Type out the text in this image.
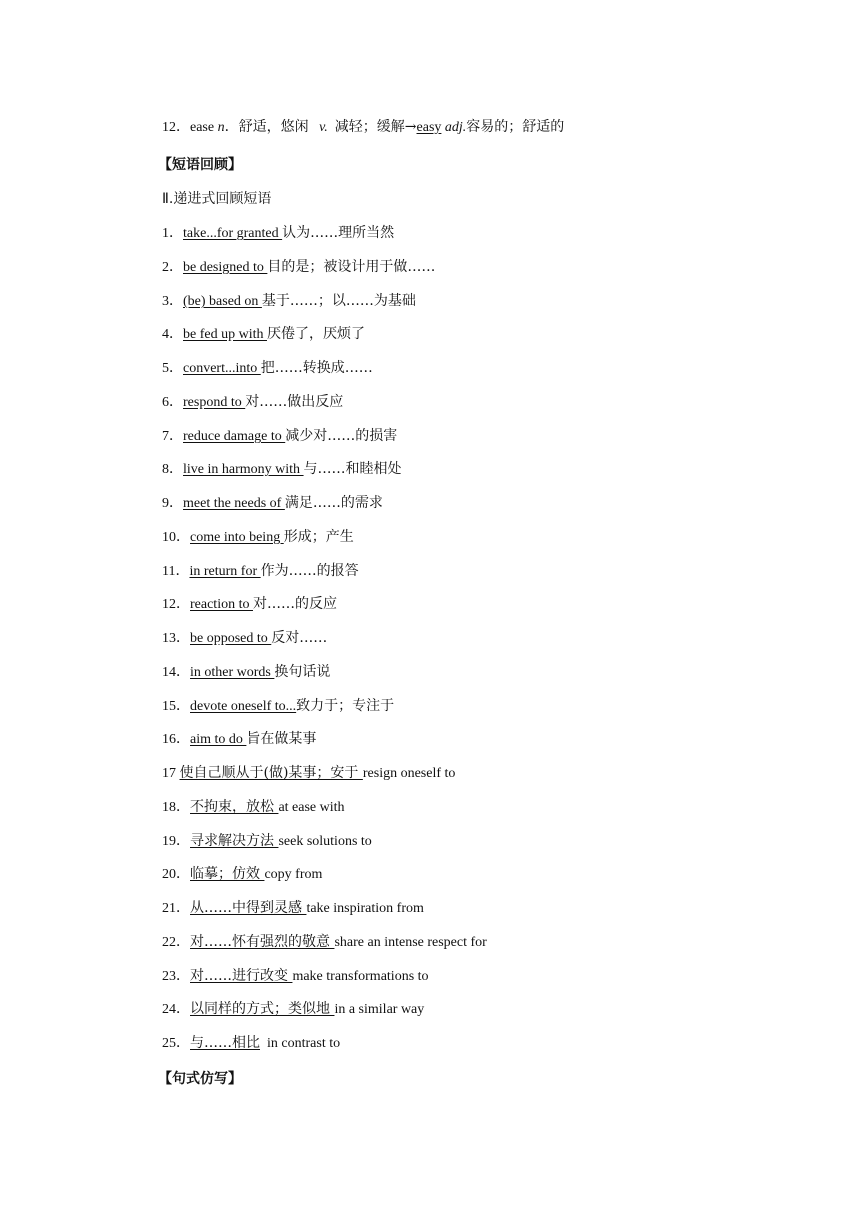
12．ease n．舒适，悠闲 v. 减轻；缓解→easy adj.容易的；舒适的
【短语回顾】
Ⅱ.递进式回顾短语
1．take...for granted 认为……理所当然
2．be designed to 目的是；被设计用于做……
3．(be) based on 基于……；以……为基础
4．be fed up with 厌倦了，厌烦了
5．convert...into 把……转换成……
6．respond to 对……做出反应
7．reduce damage to 减少对……的损害
8．live in harmony with 与……和睦相处
9．meet the needs of 满足……的需求
10．come into being 形成；产生
11．in return for 作为……的报答
12．reaction to 对……的反应
13．be opposed to 反对……
14．in other words 换句话说
15．devote oneself to...致力于；专注于
16．aim to do 旨在做某事
17 使自己顺从于(做)某事；安于 resign oneself to
18．不拘束，放松 at ease with
19．寻求解决方法 seek solutions to
20．临摹；仿效 copy from
21．从……中得到灵感 take inspiration from
22．对……怀有强烈的敬意 share an intense respect for
23．对……进行改变 make transformations to
24．以同样的方式；类似地 in a similar way
25．与……相比  in contrast to
【句式仿写】
